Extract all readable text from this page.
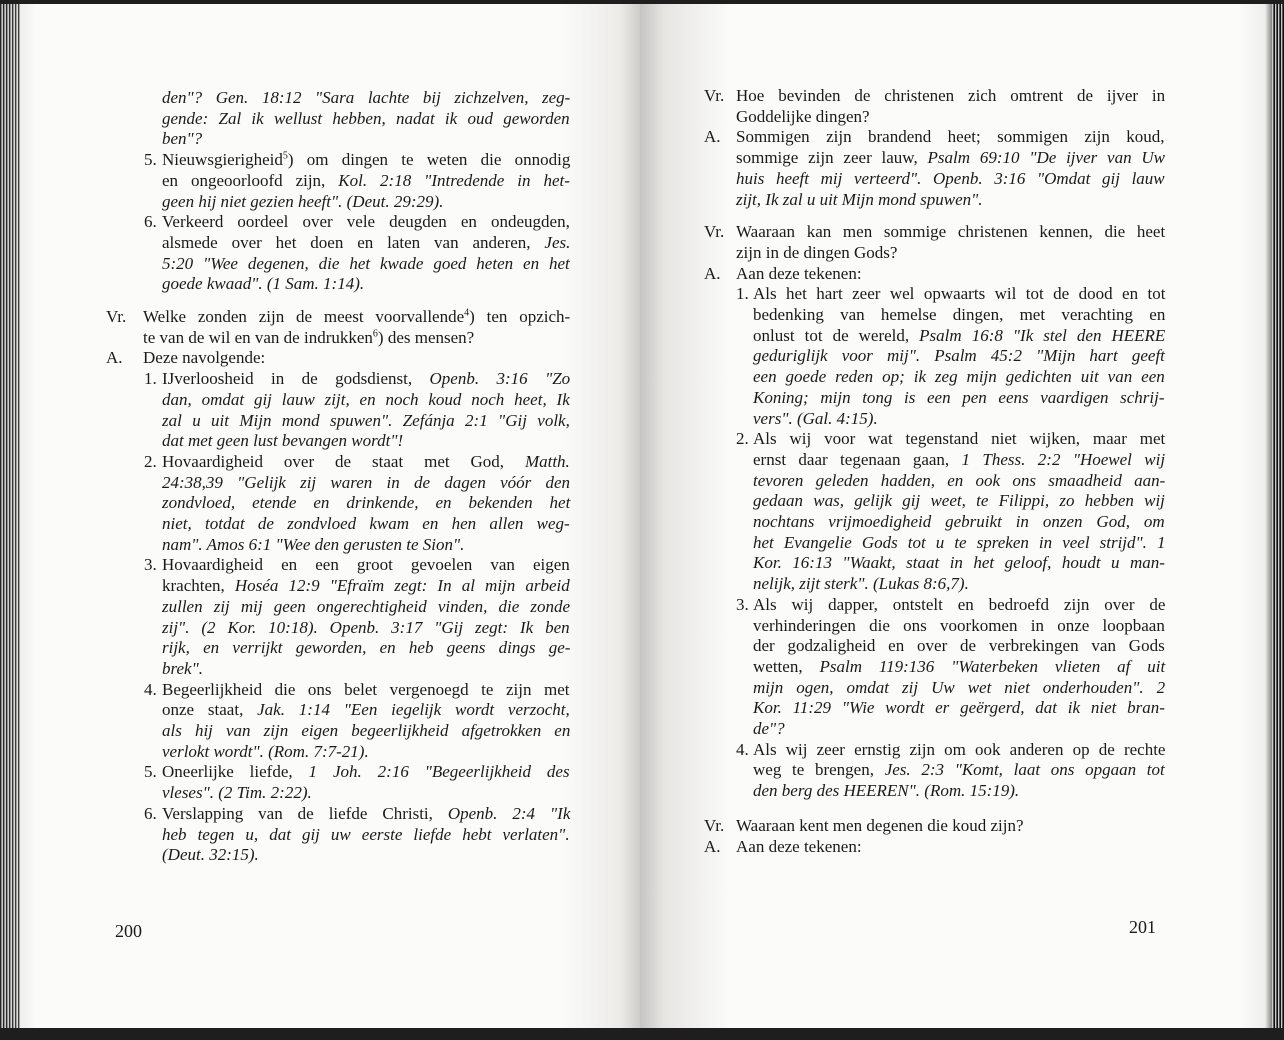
den"? Gen. 18:12 "Sara lachte bij zichzelven, zeg-
gende: Zal ik wellust hebben, nadat ik oud geworden
ben"?
5. Nieuwsgierigheid$^5$) om dingen te weten die onnodig
en ongeoorloofd zijn, Kol. 2:18 "Intredende in het-
geen hij niet gezien heeft". (Deut. 29:29).
6. Verkeerd oordeel over vele deugden en ondeugden,
alsmede over het doen en laten van anderen, Jes.
5:20 "Wee degenen, die het kwade goed heten en het
goede kwaad". (1 Sam. 1:14).
Vr. Welke zonden zijn de meest voorvallende$^4$) ten opzich-
te van de wil en van de indrukken$^6$) des mensen?
A. Deze navolgende:
1. IJverloosheid in de godsdienst, Openb. 3:16 "Zo
dan, omdat gij lauw zijt, en noch koud noch heet, Ik
zal u uit Mijn mond spuwen". Zefánja 2:1 "Gij volk,
dat met geen lust bevangen wordt"!
2. Hovaardigheid over de staat met God, Matth.
24:38,39 "Gelijk zij waren in de dagen vóór den
zondvloed, etende en drinkende, en bekenden het
niet, totdat de zondvloed kwam en hen allen weg-
nam". Amos 6:1 "Wee den gerusten te Sion".
3. Hovaardigheid en een groot gevoelen van eigen
krachten, Hoséa 12:9 "Efraïm zegt: In al mijn arbeid
zullen zij mij geen ongerechtigheid vinden, die zonde
zij". (2 Kor. 10:18). Openb. 3:17 "Gij zegt: Ik ben
rijk, en verrijkt geworden, en heb geens dings ge-
brek".
4. Begeerlijkheid die ons belet vergenoegd te zijn met
onze staat, Jak. 1:14 "Een iegelijk wordt verzocht,
als hij van zijn eigen begeerlijkheid afgetrokken en
verlokt wordt". (Rom. 7:7-21).
5. Oneerlijke liefde, 1 Joh. 2:16 "Begeerlijkheid des
vleses". (2 Tim. 2:22).
6. Verslapping van de liefde Christi, Openb. 2:4 "Ik
heb tegen u, dat gij uw eerste liefde hebt verlaten".
(Deut. 32:15).
200
Vr. Hoe bevinden de christenen zich omtrent de ijver in
Goddelijke dingen?
A. Sommigen zijn brandend heet; sommigen zijn koud,
sommige zijn zeer lauw, Psalm 69:10 "De ijver van Uw
huis heeft mij verteerd". Openb. 3:16 "Omdat gij lauw
zijt, Ik zal u uit Mijn mond spuwen".
Vr. Waaraan kan men sommige christenen kennen, die heet
zijn in de dingen Gods?
A. Aan deze tekenen:
1. Als het hart zeer wel opwaarts wil tot de dood en tot
bedenking van hemelse dingen, met verachting en
onlust tot de wereld, Psalm 16:8 "Ik stel den HEERE
geduriglijk voor mij". Psalm 45:2 "Mijn hart geeft
een goede reden op; ik zeg mijn gedichten uit van een
Koning; mijn tong is een pen eens vaardigen schrij-
vers". (Gal. 4:15).
2. Als wij voor wat tegenstand niet wijken, maar met
ernst daar tegenaan gaan, 1 Thess. 2:2 "Hoewel wij
tevoren geleden hadden, en ook ons smaadheid aan-
gedaan was, gelijk gij weet, te Filippi, zo hebben wij
nochtans vrijmoedigheid gebruikt in onzen God, om
het Evangelie Gods tot u te spreken in veel strijd". 1
Kor. 16:13 "Waakt, staat in het geloof, houdt u man-
nelijk, zijt sterk". (Lukas 8:6,7).
3. Als wij dapper, ontstelt en bedroefd zijn over de
verhinderingen die ons voorkomen in onze loopbaan
der godzaligheid en over de verbrekingen van Gods
wetten, Psalm 119:136 "Waterbeken vlieten af uit
mijn ogen, omdat zij Uw wet niet onderhouden". 2
Kor. 11:29 "Wie wordt er geërgerd, dat ik niet bran-
de"?
4. Als wij zeer ernstig zijn om ook anderen op de rechte
weg te brengen, Jes. 2:3 "Komt, laat ons opgaan tot
den berg des HEEREN". (Rom. 15:19).
Vr. Waaraan kent men degenen die koud zijn?
A. Aan deze tekenen:
201
